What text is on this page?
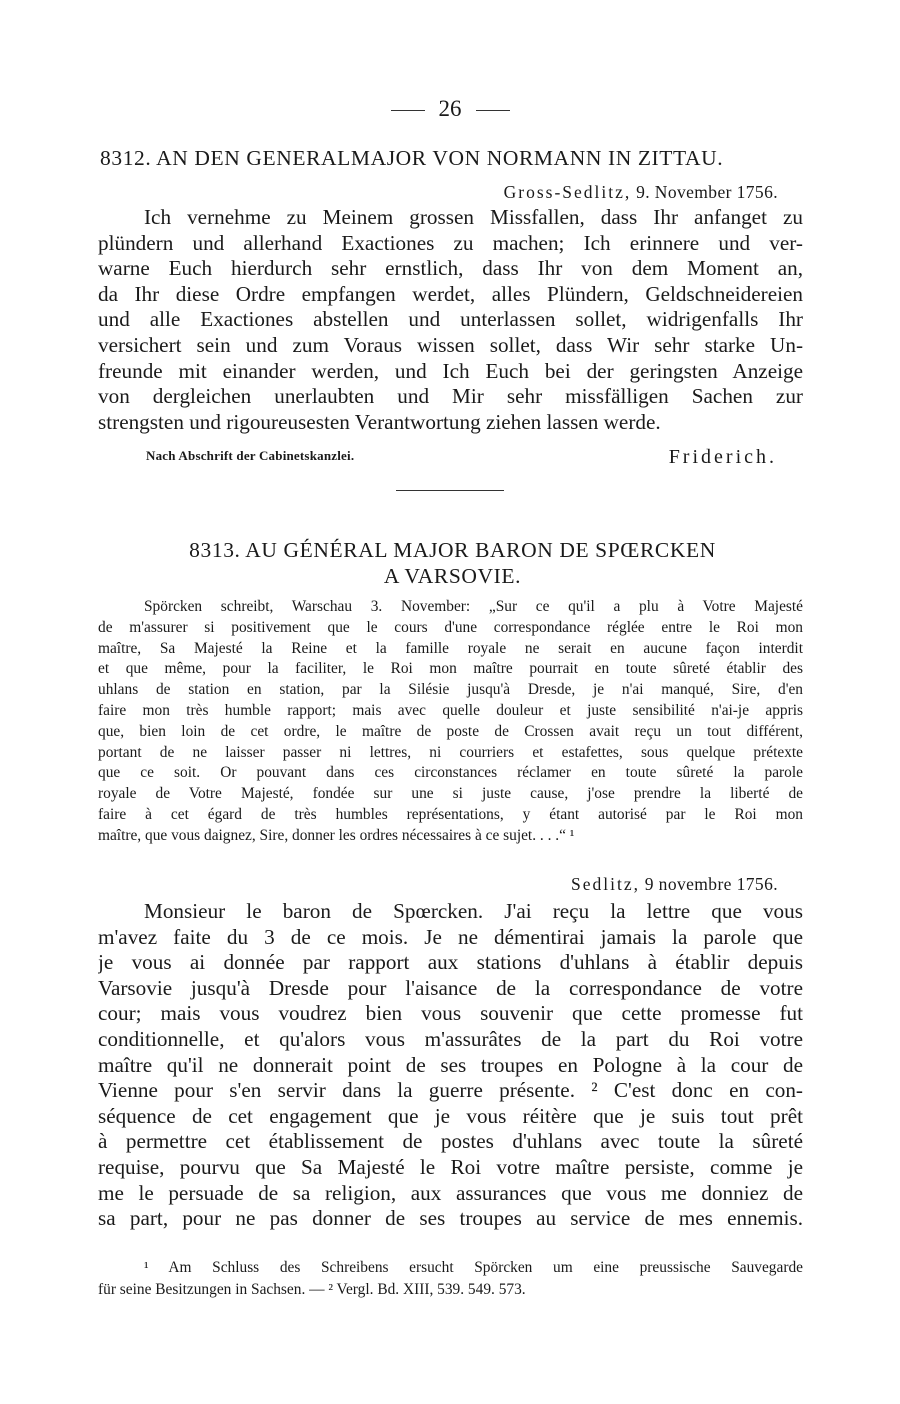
26
8312. AN DEN GENERALMAJOR VON NORMANN IN ZITTAU.
Gross-Sedlitz, 9. November 1756.
Ich vernehme zu Meinem grossen Missfallen, dass Ihr anfanget zu
plündern und allerhand Exactiones zu machen; Ich erinnere und ver-
warne Euch hierdurch sehr ernstlich, dass Ihr von dem Moment an,
da Ihr diese Ordre empfangen werdet, alles Plündern, Geldschneidereien
und alle Exactiones abstellen und unterlassen sollet, widrigenfalls Ihr
versichert sein und zum Voraus wissen sollet, dass Wir sehr starke Un-
freunde mit einander werden, und Ich Euch bei der geringsten Anzeige
von dergleichen unerlaubten und Mir sehr missfälligen Sachen zur
strengsten und rigoureusesten Verantwortung ziehen lassen werde.
Nach Abschrift der Cabinetskanzlei.	Friderich.
8313. AU GÉNÉRAL MAJOR BARON DE SPŒRCKEN
A VARSOVIE.
Spörcken schreibt, Warschau 3. November: „Sur ce qu'il a plu à Votre Majesté
de m'assurer si positivement que le cours d'une correspondance réglée entre le Roi mon
maître, Sa Majesté la Reine et la famille royale ne serait en aucune façon interdit
et que même, pour la faciliter, le Roi mon maître pourrait en toute sûreté établir des
uhlans de station en station, par la Silésie jusqu'à Dresde, je n'ai manqué, Sire, d'en
faire mon très humble rapport; mais avec quelle douleur et juste sensibilité n'ai-je appris
que, bien loin de cet ordre, le maître de poste de Crossen avait reçu un tout différent,
portant de ne laisser passer ni lettres, ni courriers et estafettes, sous quelque prétexte
que ce soit. Or pouvant dans ces circonstances réclamer en toute sûreté la parole
royale de Votre Majesté, fondée sur une si juste cause, j'ose prendre la liberté de
faire à cet égard de très humbles représentations, y étant autorisé par le Roi mon
maître, que vous daignez, Sire, donner les ordres nécessaires à ce sujet. . . .“ ¹
Sedlitz, 9 novembre 1756.
Monsieur le baron de Spœrcken. J'ai reçu la lettre que vous
m'avez faite du 3 de ce mois. Je ne démentirai jamais la parole que
je vous ai donnée par rapport aux stations d'uhlans à établir depuis
Varsovie jusqu'à Dresde pour l'aisance de la correspondance de votre
cour; mais vous voudrez bien vous souvenir que cette promesse fut
conditionnelle, et qu'alors vous m'assurâtes de la part du Roi votre
maître qu'il ne donnerait point de ses troupes en Pologne à la cour de
Vienne pour s'en servir dans la guerre présente. ² C'est donc en con-
séquence de cet engagement que je vous réitère que je suis tout prêt
à permettre cet établissement de postes d'uhlans avec toute la sûreté
requise, pourvu que Sa Majesté le Roi votre maître persiste, comme je
me le persuade de sa religion, aux assurances que vous me donniez de
sa part, pour ne pas donner de ses troupes au service de mes ennemis.
¹ Am Schluss des Schreibens ersucht Spörcken um eine preussische Sauvegarde
für seine Besitzungen in Sachsen. — ² Vergl. Bd. XIII, 539. 549. 573.
